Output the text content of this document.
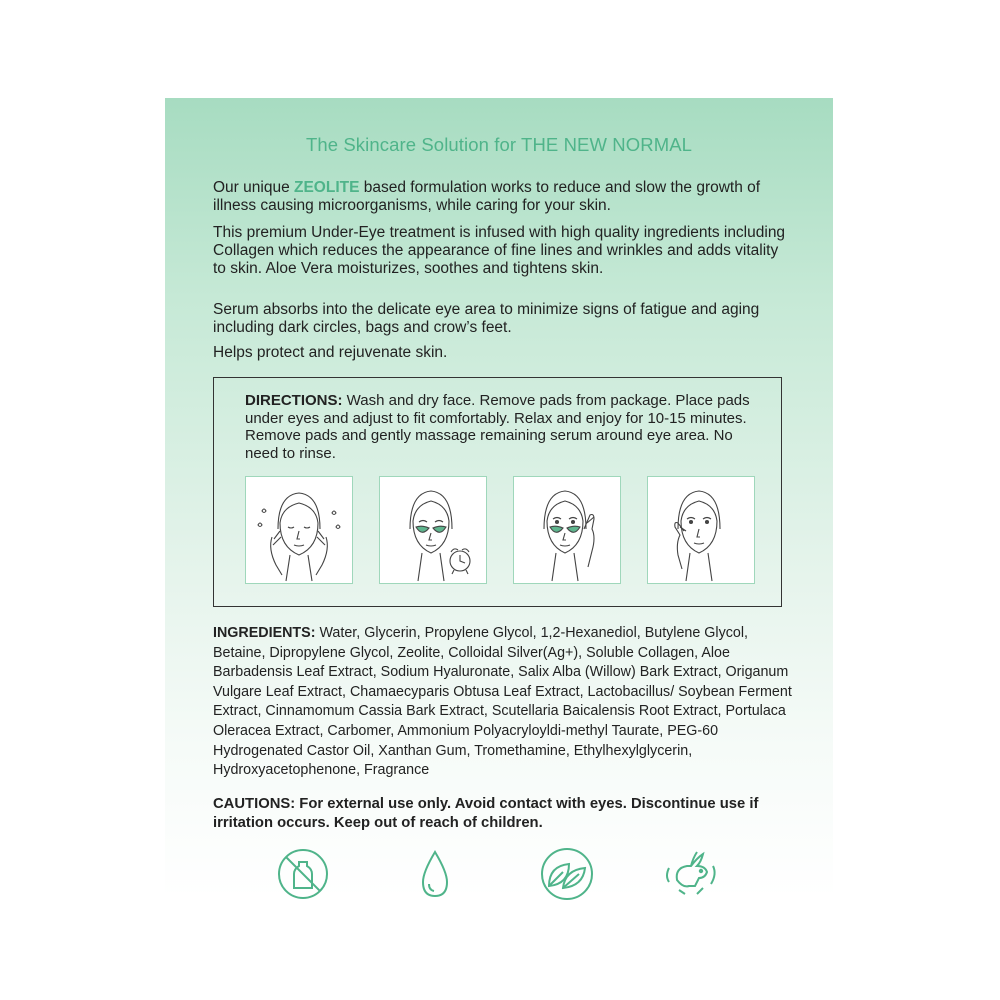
The Skincare Solution for THE NEW NORMAL

Our unique ZEOLITE based formulation works to reduce and slow the growth of illness causing microorganisms, while caring for your skin.

This premium Under-Eye treatment is infused with high quality ingredients including Collagen which reduces the appearance of fine lines and wrinkles and adds vitality to skin. Aloe Vera moisturizes, soothes and tightens skin.

Serum absorbs into the delicate eye area to minimize signs of fatigue and aging including dark circles, bags and crow’s feet.

Helps protect and rejuvenate skin.

DIRECTIONS: Wash and dry face. Remove pads from package. Place pads under eyes and adjust to fit comfortably. Relax and enjoy for 10-15 minutes. Remove pads and gently massage remaining serum around eye area. No need to rinse.

INGREDIENTS: Water, Glycerin, Propylene Glycol, 1,2-Hexanediol, Butylene Glycol, Betaine, Dipropylene Glycol, Zeolite, Colloidal Silver(Ag+), Soluble Collagen, Aloe Barbadensis Leaf Extract, Sodium Hyaluronate, Salix Alba (Willow) Bark Extract, Origanum Vulgare Leaf Extract, Chamaecyparis Obtusa Leaf Extract, Lactobacillus/ Soybean Ferment Extract, Cinnamomum Cassia Bark Extract, Scutellaria Baicalensis Root Extract, Portulaca Oleracea Extract, Carbomer, Ammonium Polyacryloyldi-methyl Taurate, PEG-60 Hydrogenated Castor Oil, Xanthan Gum, Tromethamine, Ethylhexylglycerin, Hydroxyacetophenone, Fragrance

CAUTIONS: For external use only. Avoid contact with eyes. Discontinue use if irritation occurs. Keep out of reach of children.
